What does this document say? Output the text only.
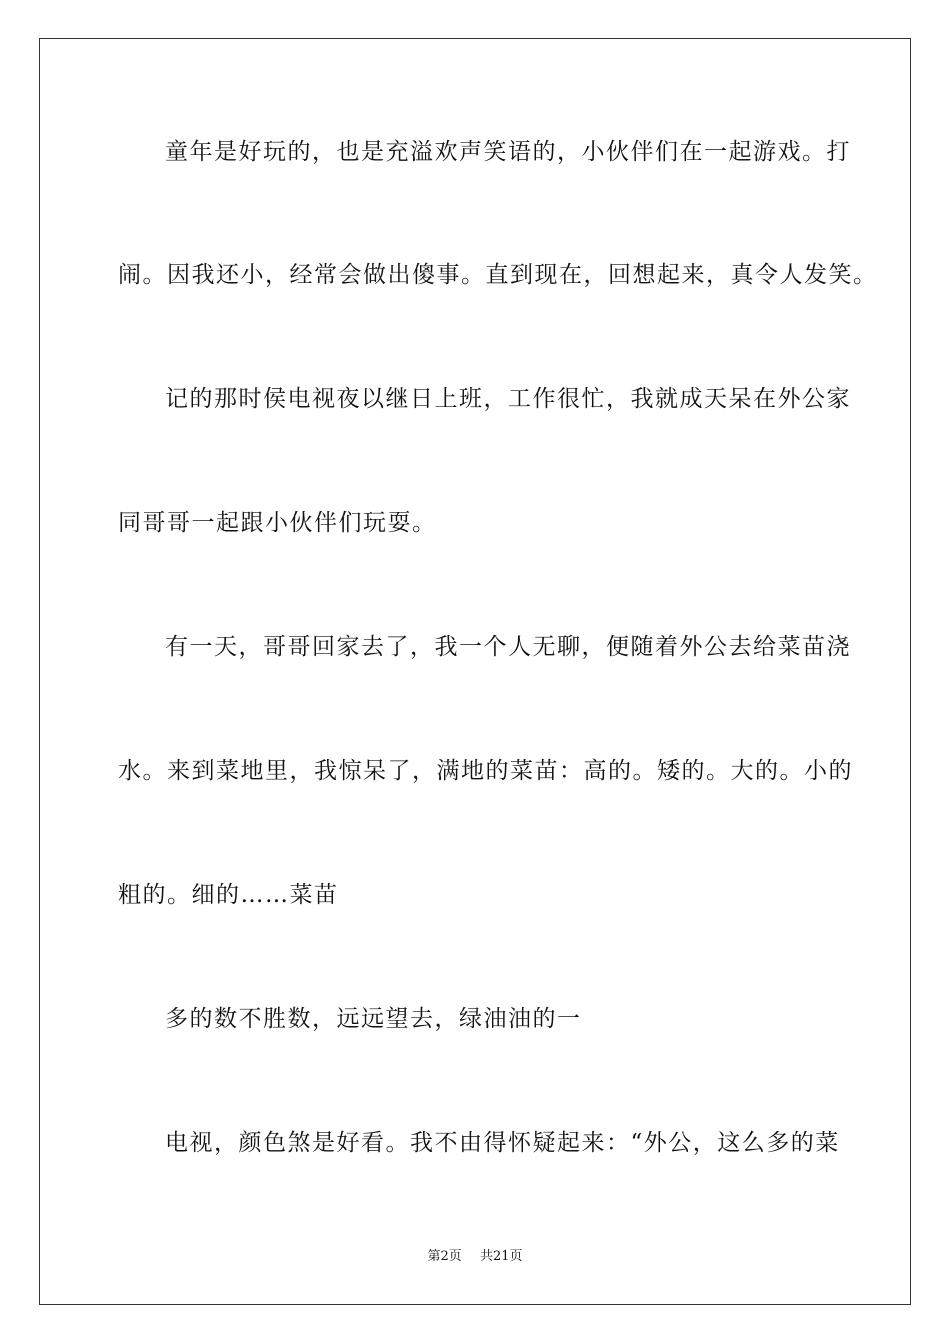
童年是好玩的，也是充溢欢声笑语的，小伙伴们在一起游戏。打
闹。因我还小，经常会做出傻事。直到现在，回想起来，真令人发笑。
记的那时侯电视夜以继日上班，工作很忙，我就成天呆在外公家
同哥哥一起跟小伙伴们玩耍。
有一天，哥哥回家去了，我一个人无聊，便随着外公去给菜苗浇
水。来到菜地里，我惊呆了，满地的菜苗：高的。矮的。大的。小的
粗的。细的……菜苗
多的数不胜数，远远望去，绿油油的一
电视，颜色煞是好看。我不由得怀疑起来：“外公，这么多的菜
第2页 共21页
